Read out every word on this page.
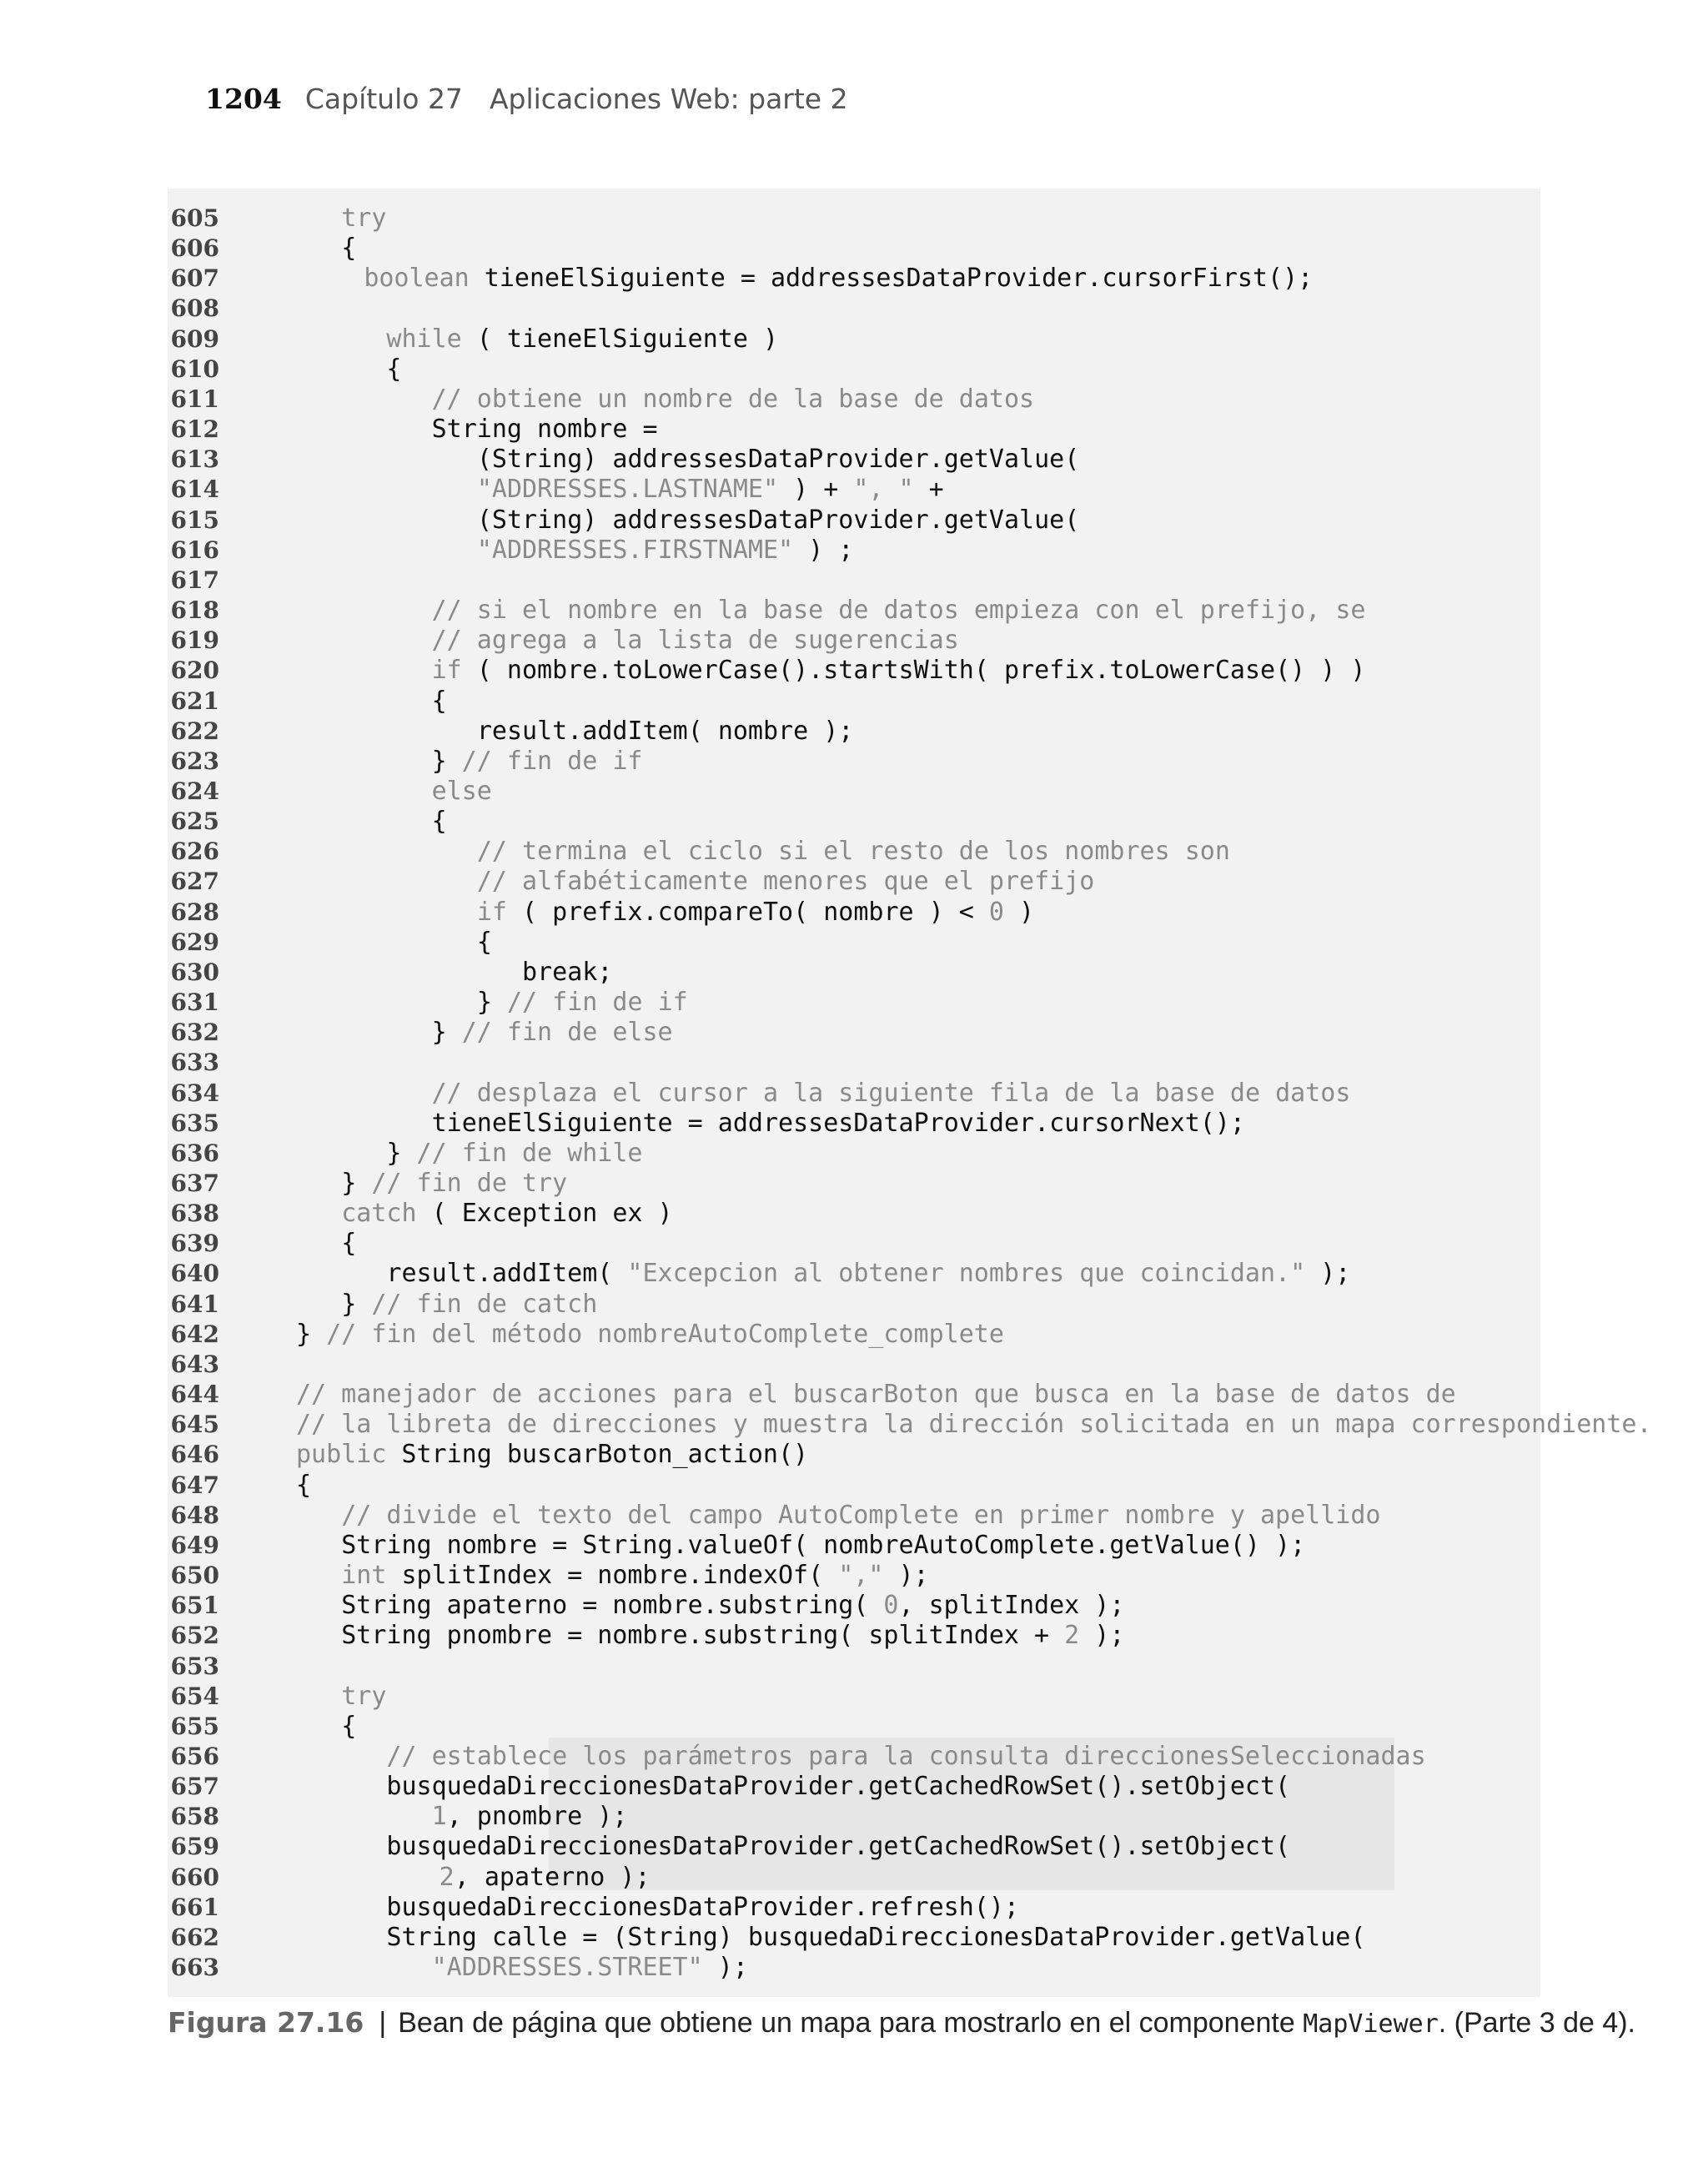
1204 Capítulo 27 Aplicaciones Web: parte 2
605	try
606	{
607	boolean tieneElSiguiente = addressesDataProvider.cursorFirst();
608
609	while ( tieneElSiguiente )
610	{
611	// obtiene un nombre de la base de datos
612	String nombre =
613	(String) addressesDataProvider.getValue(
614	"ADDRESSES.LASTNAME" ) + ", " +
615	(String) addressesDataProvider.getValue(
616	"ADDRESSES.FIRSTNAME" ) ;
617
618	// si el nombre en la base de datos empieza con el prefijo, se
619	// agrega a la lista de sugerencias
620	if ( nombre.toLowerCase().startsWith( prefix.toLowerCase() ) )
621	{
622	result.addItem( nombre );
623	} // fin de if
624	else
625	{
626	// termina el ciclo si el resto de los nombres son
627	// alfabéticamente menores que el prefijo
628	if ( prefix.compareTo( nombre ) < 0 )
629	{
630	break;
631	} // fin de if
632	} // fin de else
633
634	// desplaza el cursor a la siguiente fila de la base de datos
635	tieneElSiguiente = addressesDataProvider.cursorNext();
636	} // fin de while
637	} // fin de try
638	catch ( Exception ex )
639	{
640	result.addItem( "Excepcion al obtener nombres que coincidan." );
641	} // fin de catch
642	} // fin del método nombreAutoComplete_complete
643
644	// manejador de acciones para el buscarBoton que busca en la base de datos de
645	// la libreta de direcciones y muestra la dirección solicitada en un mapa correspondiente.
646	public String buscarBoton_action()
647	{
648	// divide el texto del campo AutoComplete en primer nombre y apellido
649	String nombre = String.valueOf( nombreAutoComplete.getValue() );
650	int splitIndex = nombre.indexOf( "," );
651	String apaterno = nombre.substring( 0, splitIndex );
652	String pnombre = nombre.substring( splitIndex + 2 );
653
654	try
655	{
656	// establece los parámetros para la consulta direccionesSeleccionadas
657	busquedaDireccionesDataProvider.getCachedRowSet().setObject(
658	1, pnombre );
659	busquedaDireccionesDataProvider.getCachedRowSet().setObject(
660	2, apaterno );
661	busquedaDireccionesDataProvider.refresh();
662	String calle = (String) busquedaDireccionesDataProvider.getValue(
663	"ADDRESSES.STREET" );
Figura 27.16 | Bean de página que obtiene un mapa para mostrarlo en el componente MapViewer. (Parte 3 de 4).
